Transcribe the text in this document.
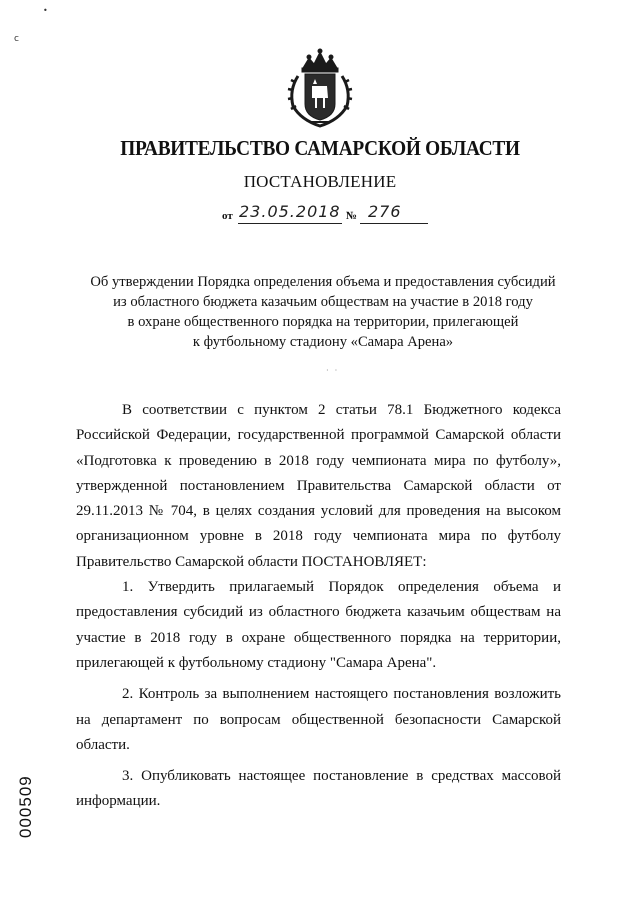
•
с
ПРАВИТЕЛЬСТВО САМАРСКОЙ ОБЛАСТИ
ПОСТАНОВЛЕНИЕ
от 23.05.2018 № 276
Об утверждении Порядка определения объема и предоставления субсидий
из областного бюджета казачьим обществам на участие в 2018 году
в охране общественного порядка на территории, прилегающей
к футбольному стадиону «Самара Арена»
· ·
В соответствии с пунктом 2 статьи 78.1 Бюджетного кодекса
Российской Федерации, государственной программой Самарской области
«Подготовка к проведению в 2018 году чемпионата мира по футболу»,
утвержденной постановлением Правительства Самарской области от
29.11.2013 № 704, в целях создания условий для проведения на высоком
организационном уровне в 2018 году чемпионата мира по футболу
Правительство Самарской области ПОСТАНОВЛЯЕТ:
1. Утвердить прилагаемый Порядок определения объема и
предоставления субсидий из областного бюджета казачьим обществам на
участие в 2018 году в охране общественного порядка на территории,
прилегающей к футбольному стадиону "Самара Арена".
2. Контроль за выполнением настоящего постановления возложить
на департамент по вопросам общественной безопасности Самарской
области.
3. Опубликовать настоящее постановление в средствах массовой
информации.
000509
